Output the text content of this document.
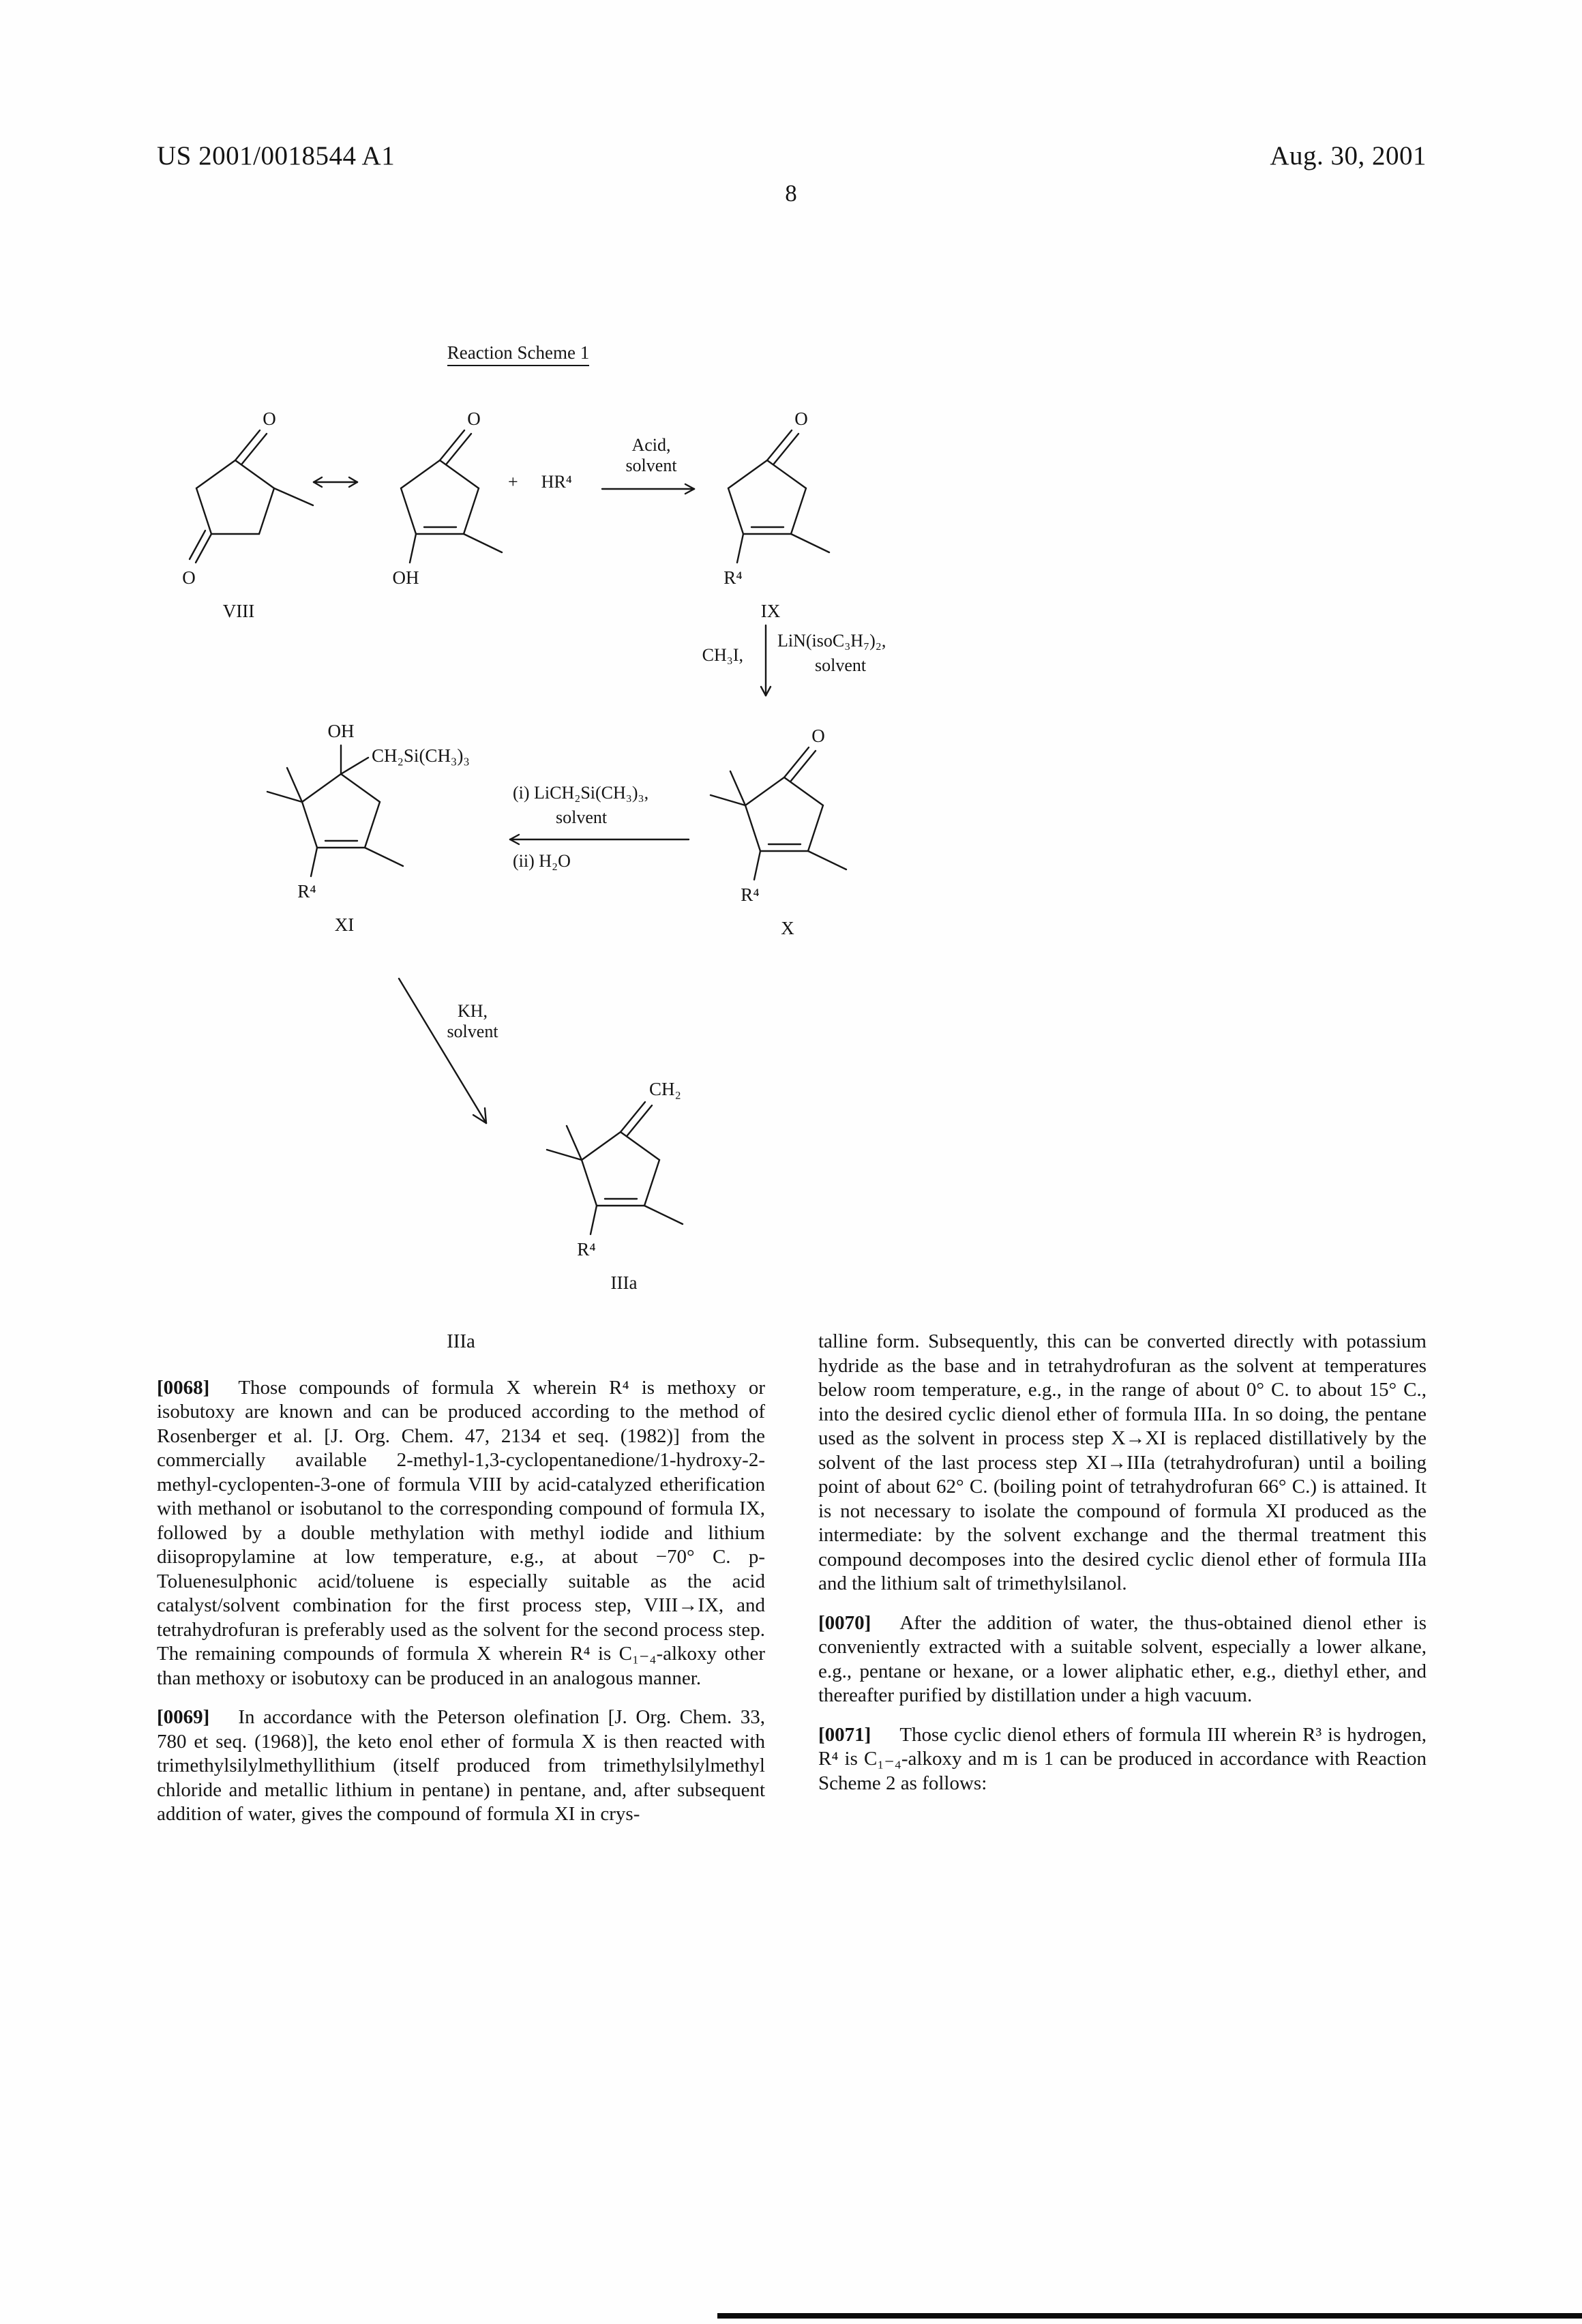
US 2001/0018544 A1	Aug. 30, 2001
8
Reaction Scheme 1
O
O
VIII
O
OH
+ HR⁴
Acid,
solvent
O
R⁴
IX
CH₃I,
LiN(isoC₃H₇)₂,
solvent
O
R⁴
X
(i) LiCH₂Si(CH₃)₃,
solvent
(ii) H₂O
OH
CH₂Si(CH₃)₃
R⁴
XI
KH,
solvent
CH₂
R⁴
IIIa
IIIa

[0068] Those compounds of formula X wherein R⁴ is methoxy or isobutoxy are known and can be produced according to the method of Rosenberger et al. [J. Org. Chem. 47, 2134 et seq. (1982)] from the commercially available 2-methyl-1,3-cyclopentanedione/1-hydroxy-2-methyl-cyclopenten-3-one of formula VIII by acid-catalyzed etherification with methanol or isobutanol to the corresponding compound of formula IX, followed by a double methylation with methyl iodide and lithium diisopropylamine at low temperature, e.g., at about −70° C. p-Toluenesulphonic acid/toluene is especially suitable as the acid catalyst/solvent combination for the first process step, VIII→IX, and tetrahydrofuran is preferably used as the solvent for the second process step. The remaining compounds of formula X wherein R⁴ is C₁₋₄-alkoxy other than methoxy or isobutoxy can be produced in an analogous manner.

[0069] In accordance with the Peterson olefination [J. Org. Chem. 33, 780 et seq. (1968)], the keto enol ether of formula X is then reacted with trimethylsilylmethyllithium (itself produced from trimethylsilylmethyl chloride and metallic lithium in pentane) in pentane, and, after subsequent addition of water, gives the compound of formula XI in crys-

talline form. Subsequently, this can be converted directly with potassium hydride as the base and in tetrahydrofuran as the solvent at temperatures below room temperature, e.g., in the range of about 0° C. to about 15° C., into the desired cyclic dienol ether of formula IIIa. In so doing, the pentane used as the solvent in process step X→XI is replaced distillatively by the solvent of the last process step XI→IIIa (tetrahydrofuran) until a boiling point of about 62° C. (boiling point of tetrahydrofuran 66° C.) is attained. It is not necessary to isolate the compound of formula XI produced as the intermediate: by the solvent exchange and the thermal treatment this compound decomposes into the desired cyclic dienol ether of formula IIIa and the lithium salt of trimethylsilanol.

[0070] After the addition of water, the thus-obtained dienol ether is conveniently extracted with a suitable solvent, especially a lower alkane, e.g., pentane or hexane, or a lower aliphatic ether, e.g., diethyl ether, and thereafter purified by distillation under a high vacuum.

[0071] Those cyclic dienol ethers of formula III wherein R³ is hydrogen, R⁴ is C₁₋₄-alkoxy and m is 1 can be produced in accordance with Reaction Scheme 2 as follows:
